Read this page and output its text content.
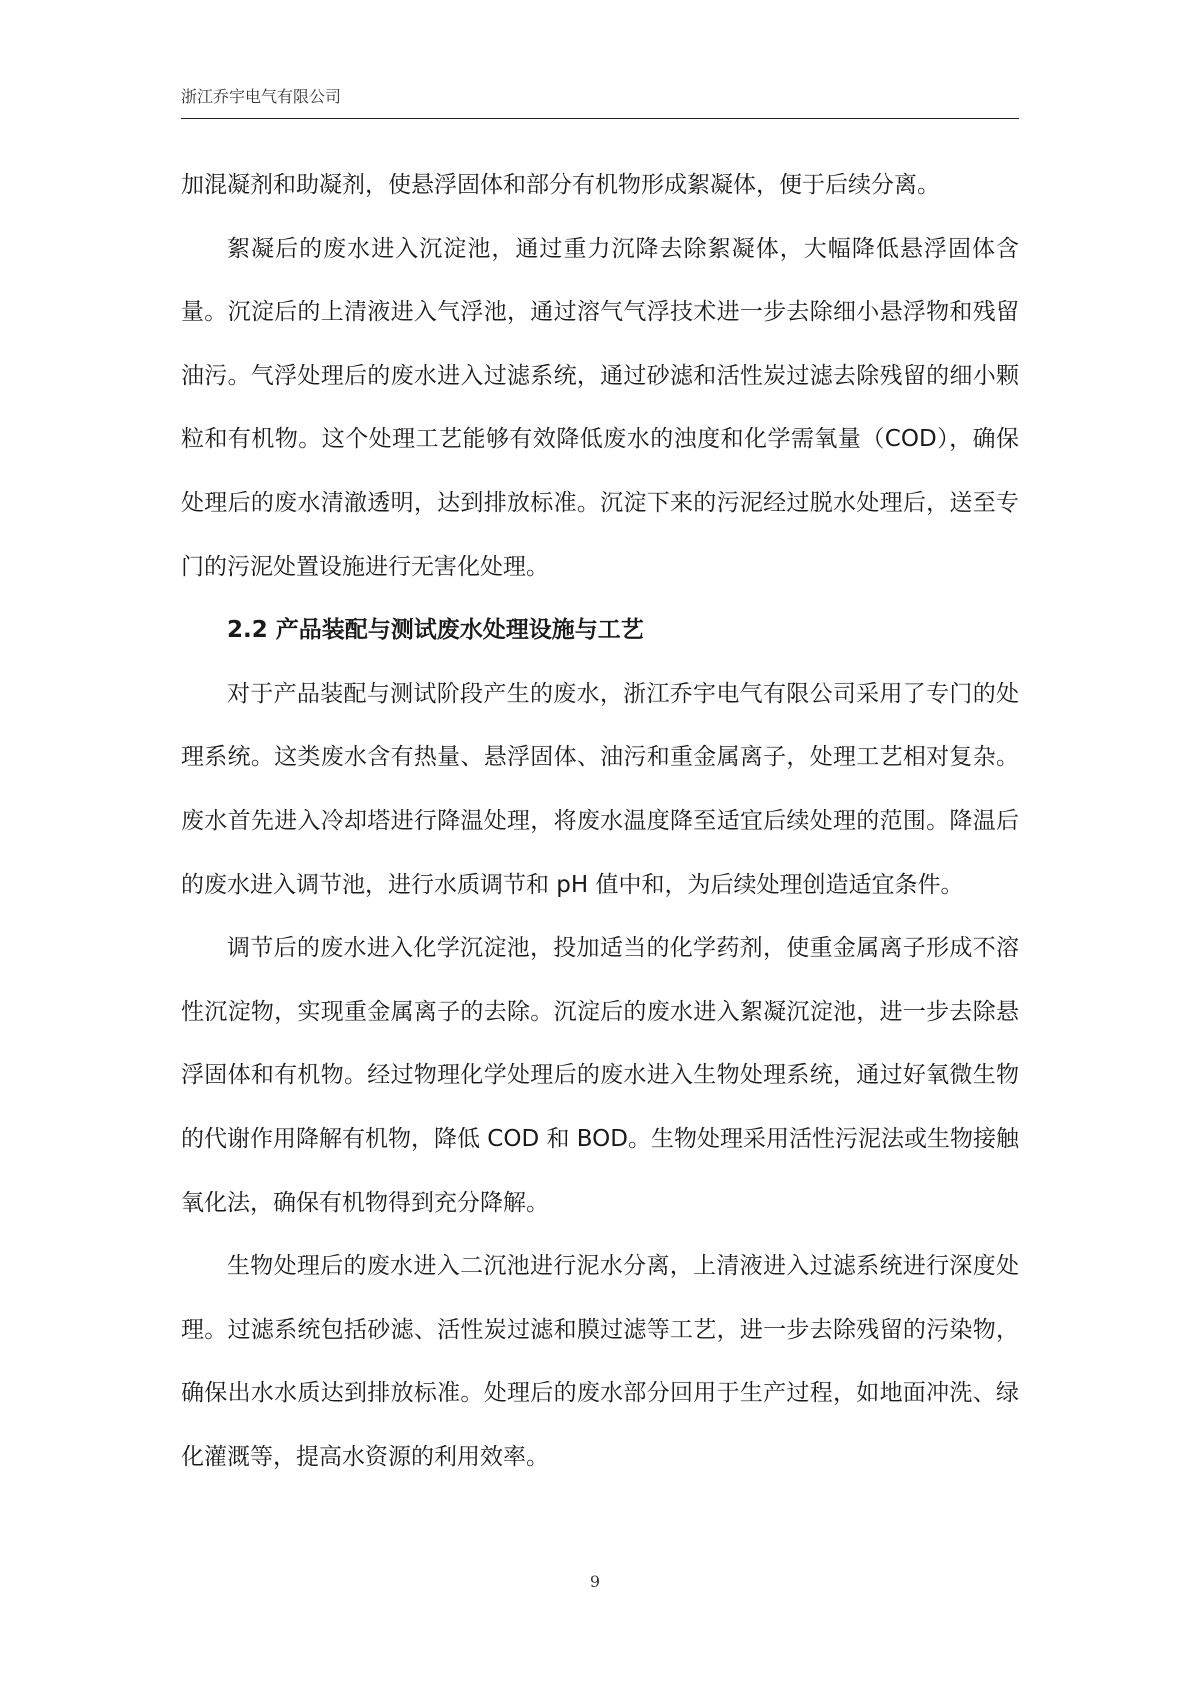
浙江乔宇电气有限公司

加混凝剂和助凝剂，使悬浮固体和部分有机物形成絮凝体，便于后续分离。

絮凝后的废水进入沉淀池，通过重力沉降去除絮凝体，大幅降低悬浮固体含量。沉淀后的上清液进入气浮池，通过溶气气浮技术进一步去除细小悬浮物和残留油污。气浮处理后的废水进入过滤系统，通过砂滤和活性炭过滤去除残留的细小颗粒和有机物。这个处理工艺能够有效降低废水的浊度和化学需氧量（COD），确保处理后的废水清澈透明，达到排放标准。沉淀下来的污泥经过脱水处理后，送至专门的污泥处置设施进行无害化处理。

2.2 产品装配与测试废水处理设施与工艺

对于产品装配与测试阶段产生的废水，浙江乔宇电气有限公司采用了专门的处理系统。这类废水含有热量、悬浮固体、油污和重金属离子，处理工艺相对复杂。废水首先进入冷却塔进行降温处理，将废水温度降至适宜后续处理的范围。降温后的废水进入调节池，进行水质调节和 pH 值中和，为后续处理创造适宜条件。

调节后的废水进入化学沉淀池，投加适当的化学药剂，使重金属离子形成不溶性沉淀物，实现重金属离子的去除。沉淀后的废水进入絮凝沉淀池，进一步去除悬浮固体和有机物。经过物理化学处理后的废水进入生物处理系统，通过好氧微生物的代谢作用降解有机物，降低 COD 和 BOD。生物处理采用活性污泥法或生物接触氧化法，确保有机物得到充分降解。

生物处理后的废水进入二沉池进行泥水分离，上清液进入过滤系统进行深度处理。过滤系统包括砂滤、活性炭过滤和膜过滤等工艺，进一步去除残留的污染物，确保出水水质达到排放标准。处理后的废水部分回用于生产过程，如地面冲洗、绿化灌溉等，提高水资源的利用效率。

9
